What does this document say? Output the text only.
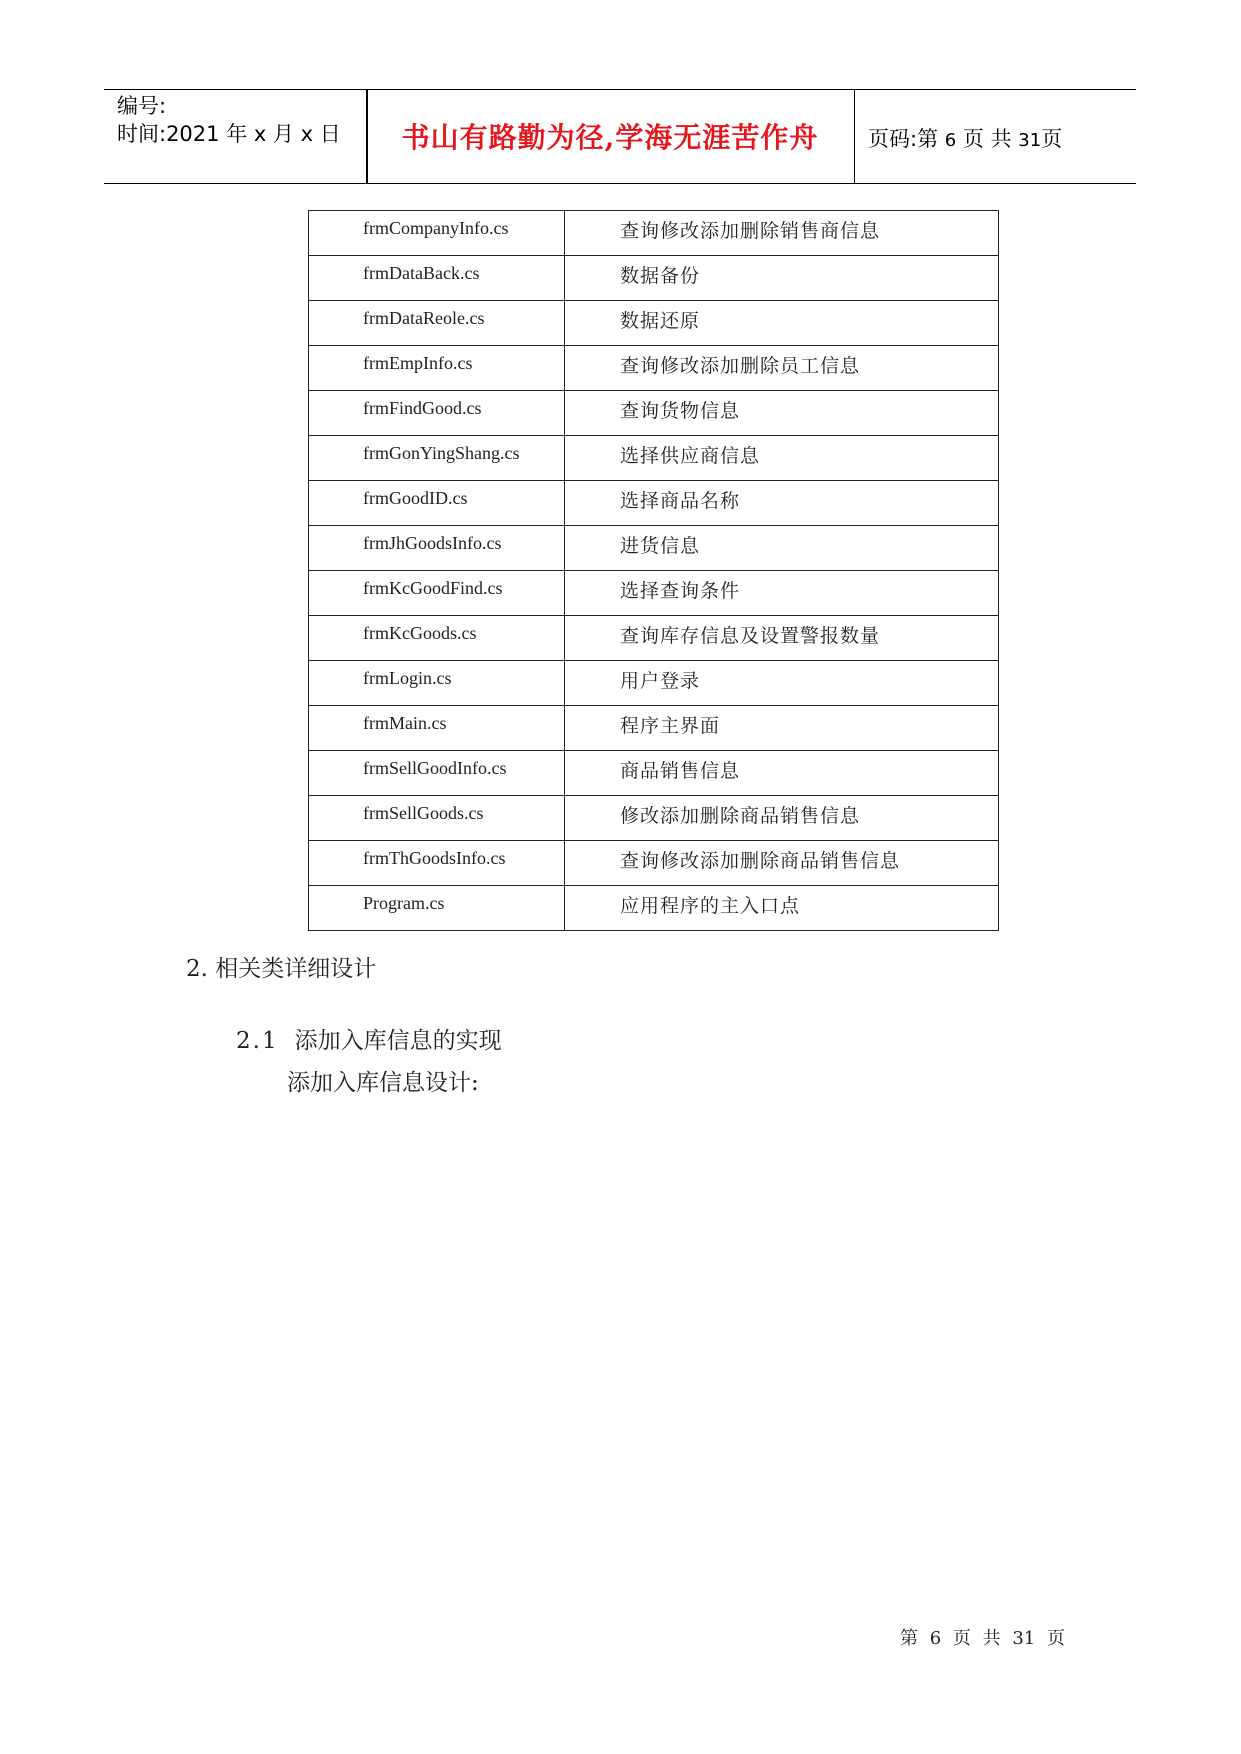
编号:
时间:2021 年 x 月 x 日	书山有路勤为径,学海无涯苦作舟	页码:第 6 页 共 31页
frmCompanyInfo.cs	查询修改添加删除销售商信息
frmDataBack.cs	数据备份
frmDataReole.cs	数据还原
frmEmpInfo.cs	查询修改添加删除员工信息
frmFindGood.cs	查询货物信息
frmGonYingShang.cs	选择供应商信息
frmGoodID.cs	选择商品名称
frmJhGoodsInfo.cs	进货信息
frmKcGoodFind.cs	选择查询条件
frmKcGoods.cs	查询库存信息及设置警报数量
frmLogin.cs	用户登录
frmMain.cs	程序主界面
frmSellGoodInfo.cs	商品销售信息
frmSellGoods.cs	修改添加删除商品销售信息
frmThGoodsInfo.cs	查询修改添加删除商品销售信息
Program.cs	应用程序的主入口点
2. 相关类详细设计
2.1 添加入库信息的实现
添加入库信息设计:
第 6 页 共 31 页
